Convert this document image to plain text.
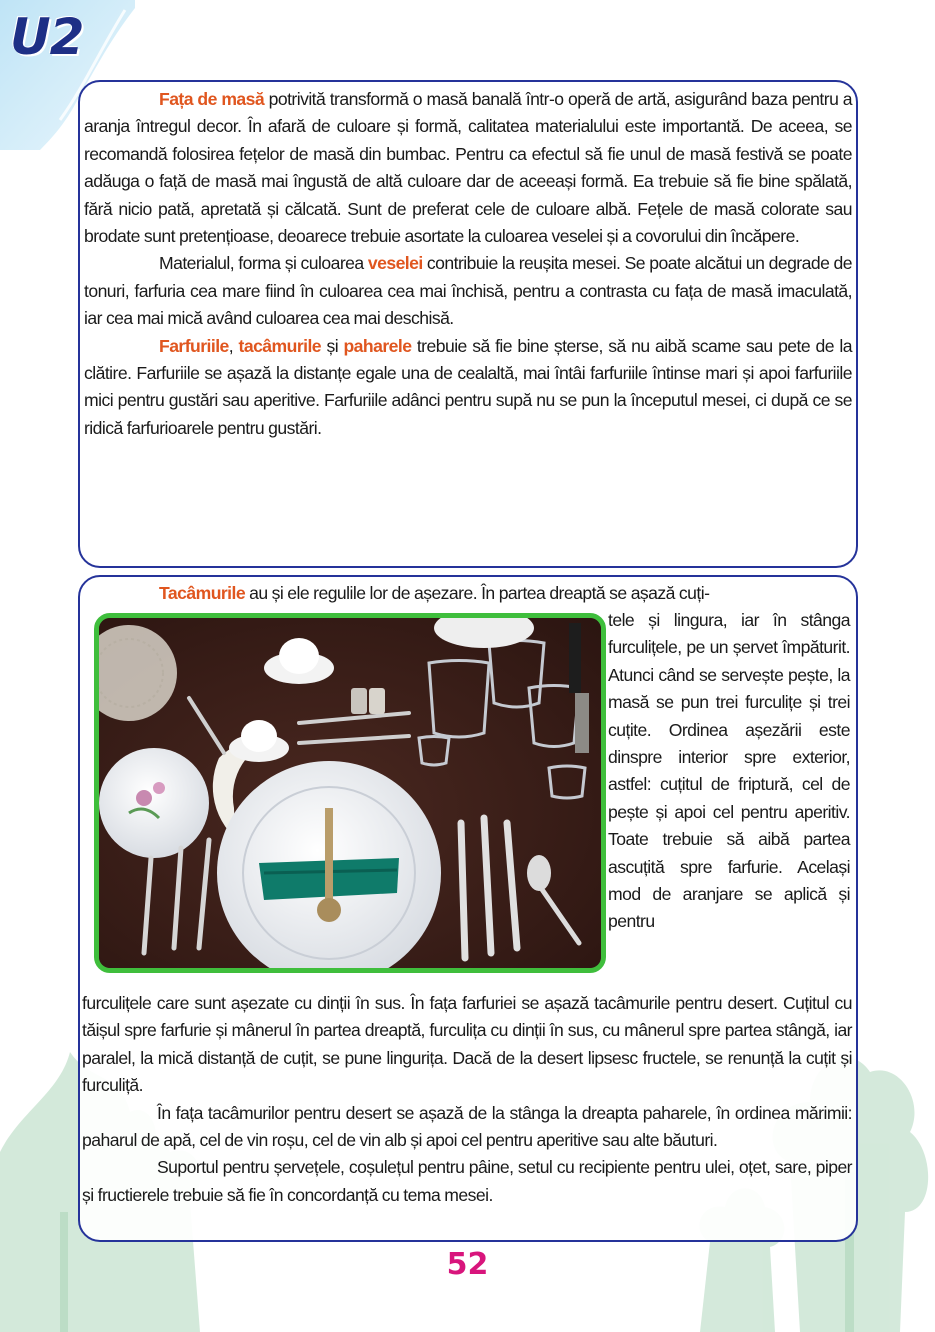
U2

Fața de masă potrivită transformă o masă banală într-o operă de artă, asigurând baza pentru a aranja întregul decor. În afară de culoare și formă, calitatea materialului este importantă. De aceea, se recomandă folosirea fețelor de masă din bumbac. Pentru ca efectul să fie unul de masă festivă se poate adăuga o față de masă mai îngustă de altă culoare dar de aceeași formă. Ea trebuie să fie bine spălată, fără nicio pată, apretată și călcată. Sunt de preferat cele de culoare albă. Fețele de masă colorate sau brodate sunt pretențioase, deoarece trebuie asortate la culoarea veselei și a covorului din încăpere.

Materialul, forma și culoarea veselei contribuie la reușita mesei. Se poate alcătui un degrade de tonuri, farfuria cea mare fiind în culoarea cea mai închisă, pentru a contrasta cu fața de masă imaculată, iar cea mai mică având culoarea cea mai deschisă.

Farfuriile, tacâmurile și paharele trebuie să fie bine șterse, să nu aibă scame sau pete de la clătire. Farfuriile se așază la distanțe egale una de cealaltă, mai întâi farfuriile întinse mari și apoi farfuriile mici pentru gustări sau aperitive. Farfuriile adânci pentru supă nu se pun la începutul mesei, ci după ce se ridică farfurioarele pentru gustări.

Tacâmurile au și ele regulile lor de așezare. În partea dreaptă se așază cuți-

tele și lingura, iar în stânga furculițele, pe un șervet împăturit. Atunci când se servește pește, la masă se pun trei furculițe și trei cuțite. Ordinea așezării este dinspre interior spre exterior, astfel: cuțitul de friptură, cel de pește și apoi cel pentru aperitiv. Toate trebuie să aibă partea ascuțită spre farfurie. Același mod de aranjare se aplică și pentru

furculițele care sunt așezate cu dinții în sus. În fața farfuriei se așază tacâmurile pentru desert. Cuțitul cu tăișul spre farfurie și mânerul în partea dreaptă, furculița cu dinții în sus, cu mânerul spre partea stângă, iar paralel, la mică distanță de cuțit, se pune lingurița. Dacă de la desert lipsesc fructele, se renunță la cuțit și furculiță.

În fața tacâmurilor pentru desert se așază de la stânga la dreapta paharele, în ordinea mărimii: paharul de apă, cel de vin roșu, cel de vin alb și apoi cel pentru aperitive sau alte băuturi.

Suportul pentru șervețele, coșulețul pentru pâine, setul cu recipiente pentru ulei, oțet, sare, piper și fructierele trebuie să fie în concordanță cu tema mesei.

52
